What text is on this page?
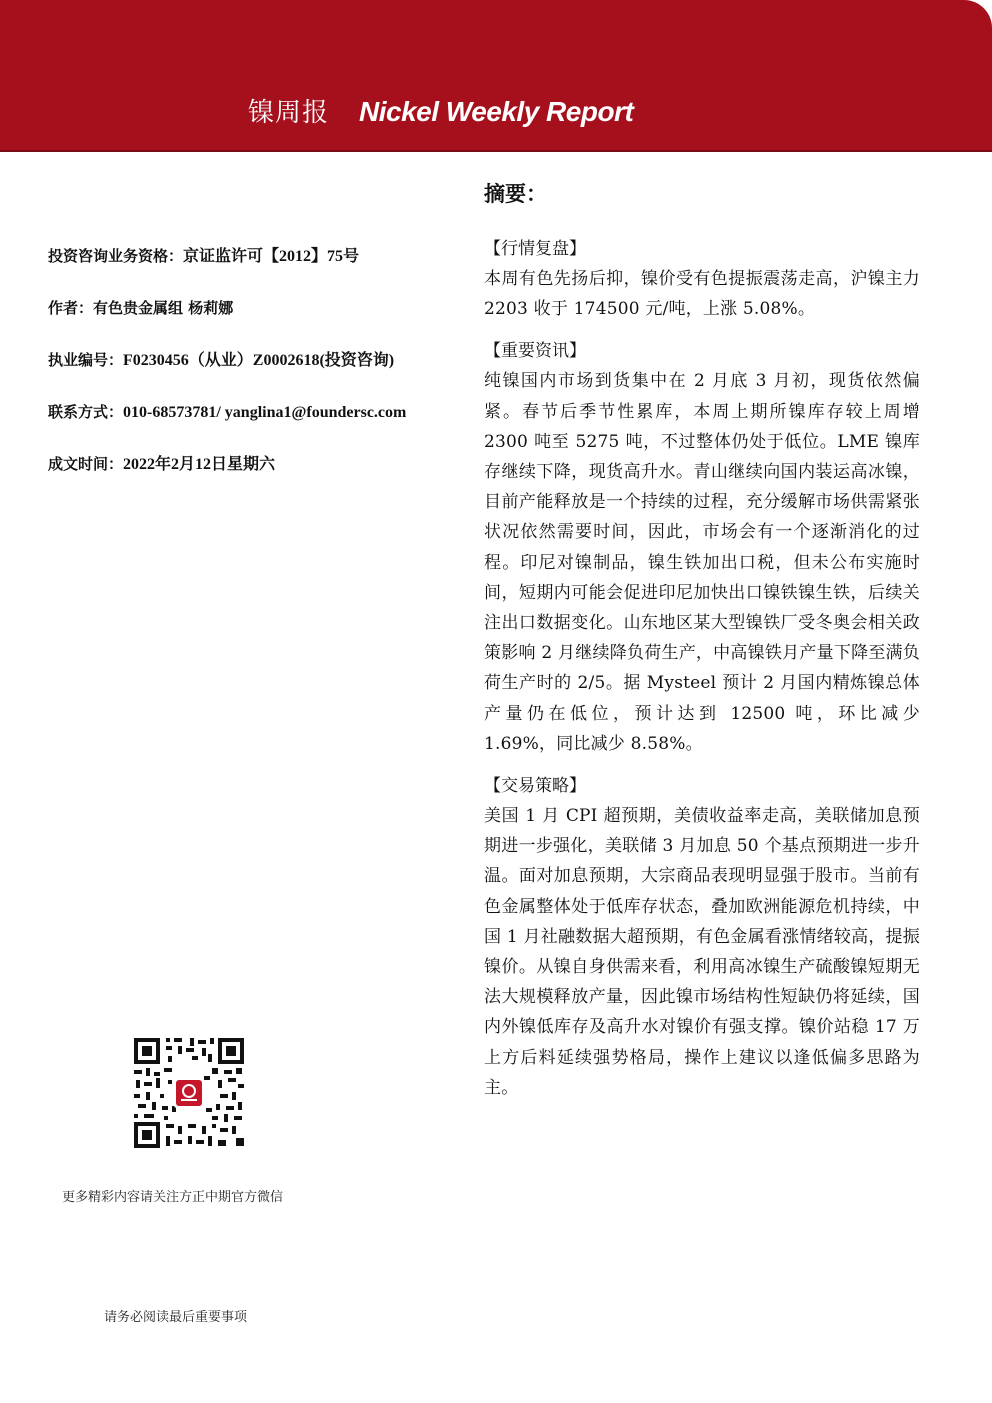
镍周报 Nickel Weekly Report
投资咨询业务资格：京证监许可【2012】75号
作者：有色贵金属组 杨莉娜
执业编号：F0230456（从业）Z0002618(投资咨询)
联系方式：010-68573781/ yanglina1@foundersc.com
成文时间：2022年2月12日星期六
更多精彩内容请关注方正中期官方微信
请务必阅读最后重要事项
摘要：
【行情复盘】
本周有色先扬后抑，镍价受有色提振震荡走高，沪镍主力 2203 收于 174500 元/吨，上涨 5.08%。
【重要资讯】
纯镍国内市场到货集中在 2 月底 3 月初，现货依然偏紧。春节后季节性累库，本周上期所镍库存较上周增 2300 吨至 5275 吨，不过整体仍处于低位。LME 镍库存继续下降，现货高升水。青山继续向国内装运高冰镍，目前产能释放是一个持续的过程，充分缓解市场供需紧张状况依然需要时间，因此，市场会有一个逐渐消化的过程。印尼对镍制品，镍生铁加出口税，但未公布实施时间，短期内可能会促进印尼加快出口镍铁镍生铁，后续关注出口数据变化。山东地区某大型镍铁厂受冬奥会相关政策影响 2 月继续降负荷生产，中高镍铁月产量下降至满负荷生产时的 2/5。据 Mysteel 预计 2 月国内精炼镍总体产量仍在低位，预计达到 12500 吨，环比减少 1.69%，同比减少 8.58%。
【交易策略】
美国 1 月 CPI 超预期，美债收益率走高，美联储加息预期进一步强化，美联储 3 月加息 50 个基点预期进一步升温。面对加息预期，大宗商品表现明显强于股市。当前有色金属整体处于低库存状态，叠加欧洲能源危机持续，中国 1 月社融数据大超预期，有色金属看涨情绪较高，提振镍价。从镍自身供需来看，利用高冰镍生产硫酸镍短期无法大规模释放产量，因此镍市场结构性短缺仍将延续，国内外镍低库存及高升水对镍价有强支撑。镍价站稳 17 万上方后料延续强势格局，操作上建议以逢低偏多思路为主。
